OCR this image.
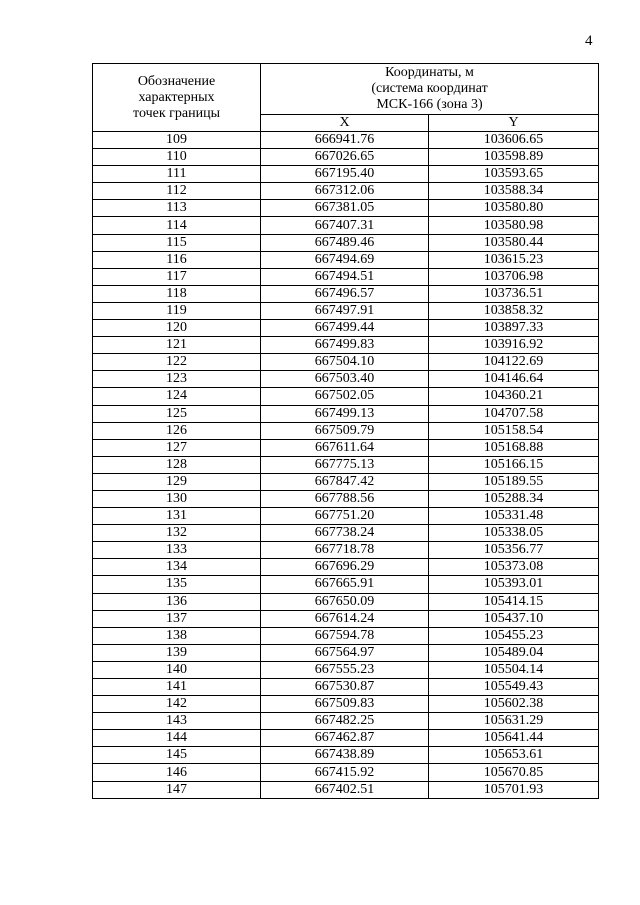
4
Обозначение
характерных
точек границы	Координаты, м
(система координат
МСК-166 (зона 3)	

	X	Y
109	666941.76	103606.65
110	667026.65	103598.89
111	667195.40	103593.65
112	667312.06	103588.34
113	667381.05	103580.80
114	667407.31	103580.98
115	667489.46	103580.44
116	667494.69	103615.23
117	667494.51	103706.98
118	667496.57	103736.51
119	667497.91	103858.32
120	667499.44	103897.33
121	667499.83	103916.92
122	667504.10	104122.69
123	667503.40	104146.64
124	667502.05	104360.21
125	667499.13	104707.58
126	667509.79	105158.54
127	667611.64	105168.88
128	667775.13	105166.15
129	667847.42	105189.55
130	667788.56	105288.34
131	667751.20	105331.48
132	667738.24	105338.05
133	667718.78	105356.77
134	667696.29	105373.08
135	667665.91	105393.01
136	667650.09	105414.15
137	667614.24	105437.10
138	667594.78	105455.23
139	667564.97	105489.04
140	667555.23	105504.14
141	667530.87	105549.43
142	667509.83	105602.38
143	667482.25	105631.29
144	667462.87	105641.44
145	667438.89	105653.61
146	667415.92	105670.85
147	667402.51	105701.93
